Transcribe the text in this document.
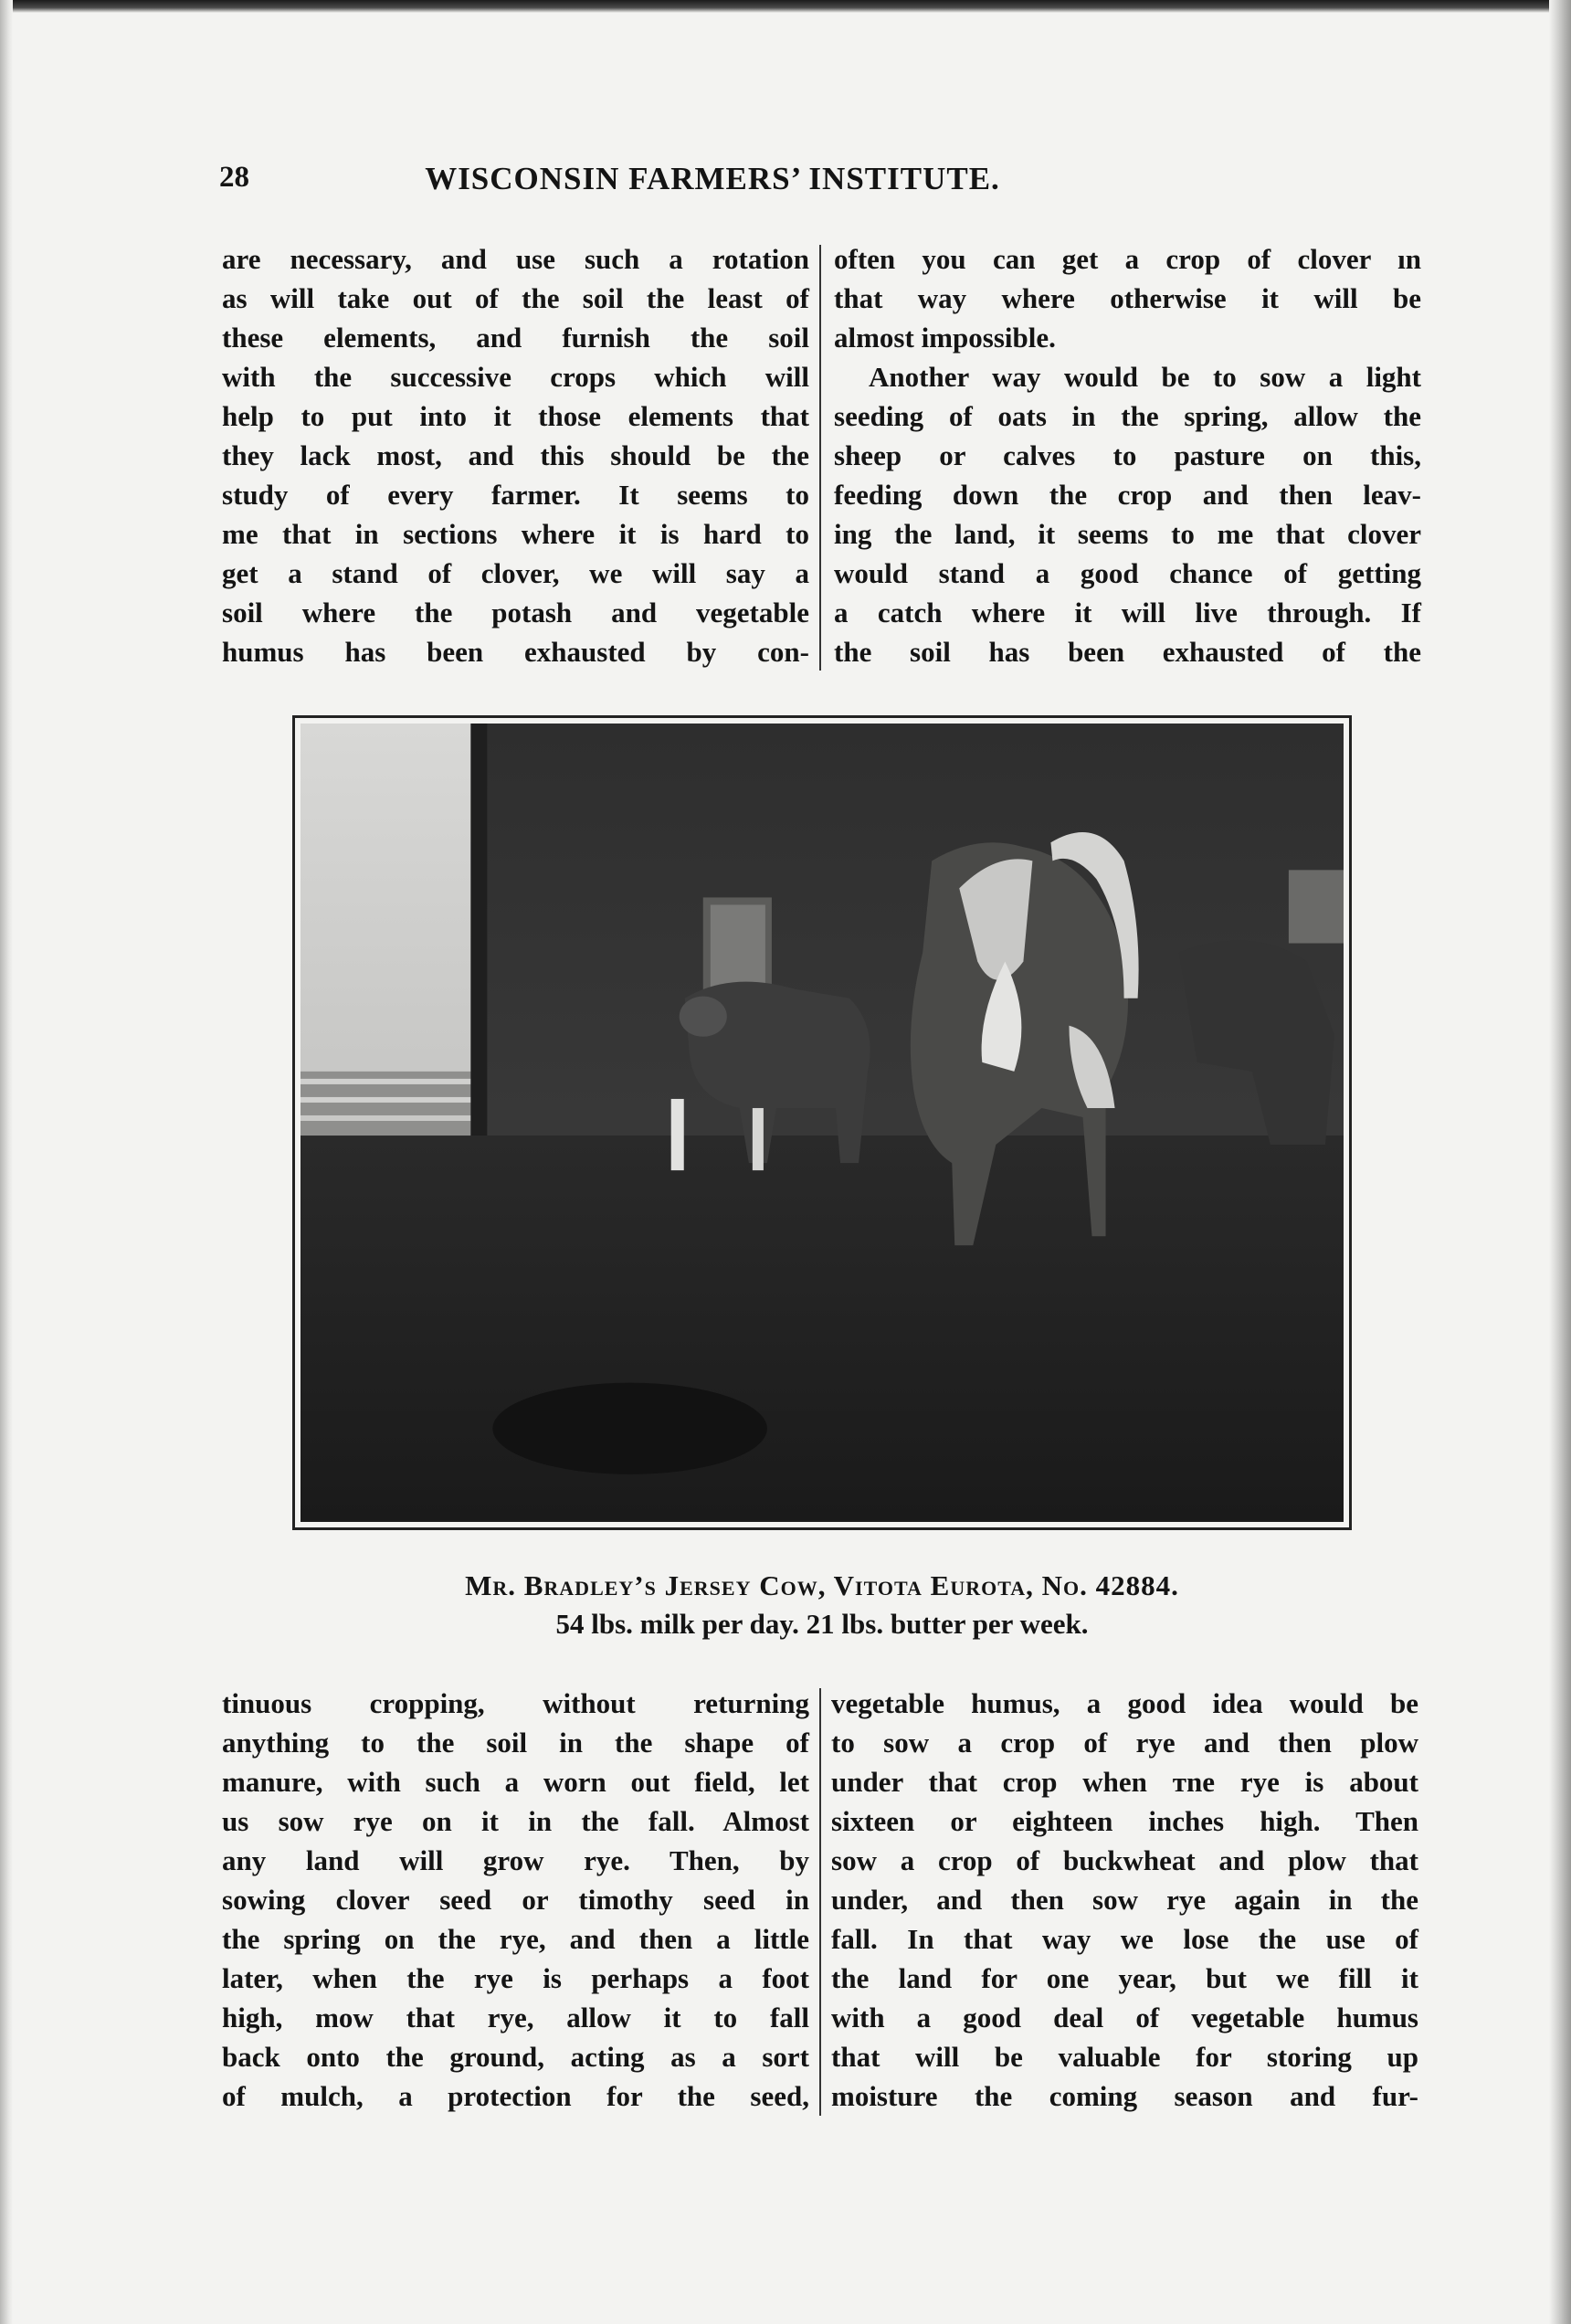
28	WISCONSIN FARMERS’ INSTITUTE.
are necessary, and use such a rotation
as will take out of the soil the least of
these elements, and furnish the soil
with the successive crops which will
help to put into it those elements that
they lack most, and this should be the
study of every farmer. It seems to
me that in sections where it is hard to
get a stand of clover, we will say a
soil where the potash and vegetable
humus has been exhausted by con-
often you can get a crop of clover ın
that way where otherwise it will be
almost impossible.
Another way would be to sow a light
seeding of oats in the spring, allow the
sheep or calves to pasture on this,
feeding down the crop and then leav-
ing the land, it seems to me that clover
would stand a good chance of getting
a catch where it will live through. If
the soil has been exhausted of the
Mr. Bradley’s Jersey Cow, Vitota Eurota, No. 42884.
54 lbs. milk per day. 21 lbs. butter per week.
tinuous cropping, without returning
anything to the soil in the shape of
manure, with such a worn out field, let
us sow rye on it in the fall. Almost
any land will grow rye. Then, by
sowing clover seed or timothy seed in
the spring on the rye, and then a little
later, when the rye is perhaps a foot
high, mow that rye, allow it to fall
back onto the ground, acting as a sort
of mulch, a protection for the seed,
vegetable humus, a good idea would be
to sow a crop of rye and then plow
under that crop when ᴛne rye is about
sixteen or eighteen inches high. Then
sow a crop of buckwheat and plow that
under, and then sow rye again in the
fall. In that way we lose the use of
the land for one year, but we fill it
with a good deal of vegetable humus
that will be valuable for storing up
moisture the coming season and fur-
